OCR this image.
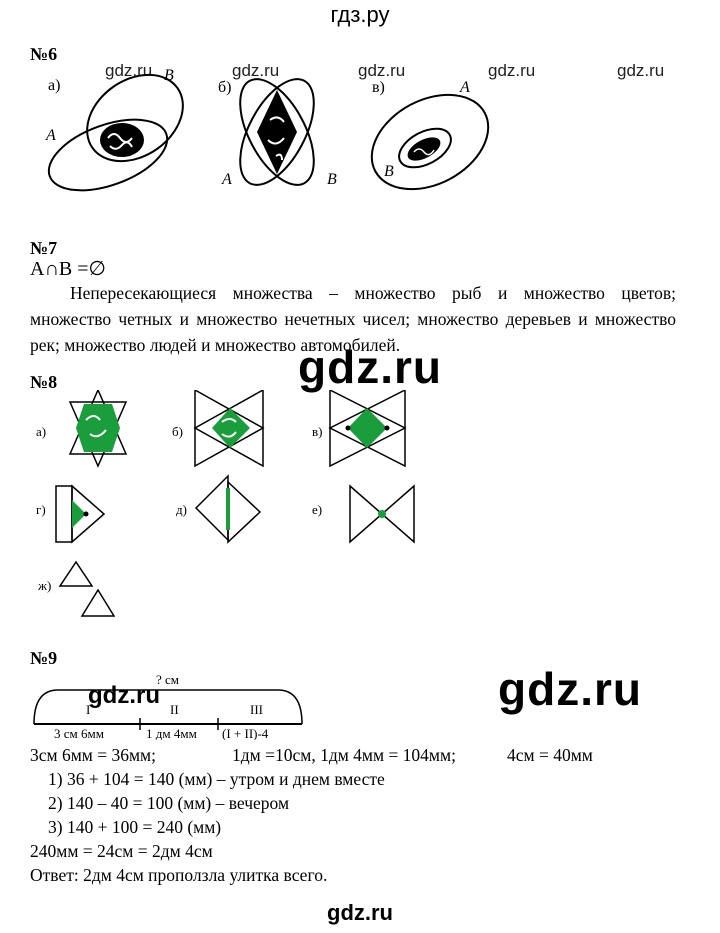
гдз.ру
№6
gdz.ru	gdz.ru	gdz.ru	gdz.ru	gdz.ru
а)
B
A
б)
A	B
в)	A
B
№7
A∩B =∅
Непересекающиеся множества – множество рыб и множество цветов; множество четных и множество нечетных чисел; множество деревьев и множество рек; множество людей и множество автомобилей.
gdz.ru
№8
а)	б)	в)
г)	д)	е)
ж)
№9
? см
I	II	III
3 см 6мм	1 дм 4мм (I + II)-4
gdz.ru	gdz.ru
3см 6мм = 36мм;	1дм =10см, 1дм 4мм = 104мм;	4см = 40мм
1) 36 + 104 = 140 (мм) – утром и днем вместе
2) 140 – 40 = 100 (мм) – вечером
3) 140 + 100 = 240 (мм)
240мм = 24см = 2дм 4см
Ответ: 2дм 4см проползла улитка всего.
gdz.ru
